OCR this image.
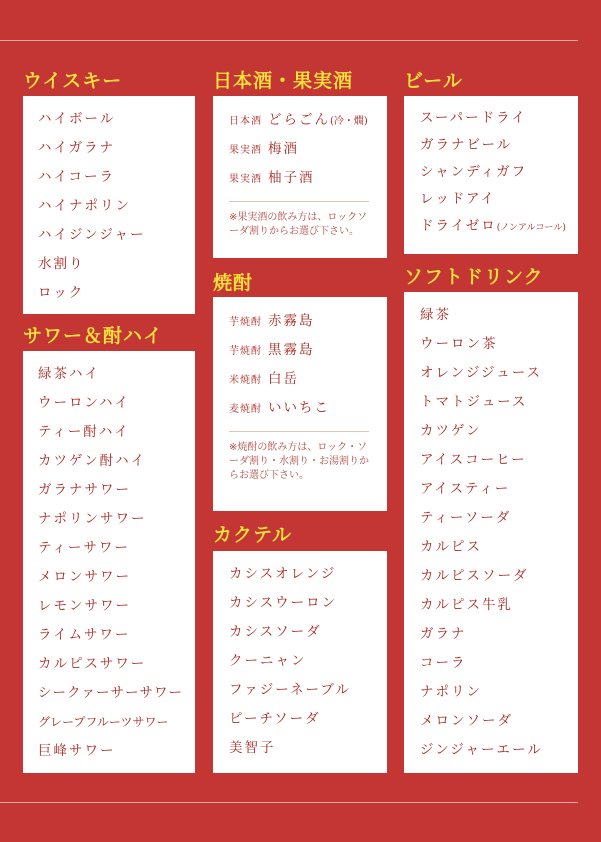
ウイスキー
ハイボール
ハイガラナ
ハイコーラ
ハイナポリン
ハイジンジャー
水割り
ロック
サワー＆酎ハイ
緑茶ハイ
ウーロンハイ
ティー酎ハイ
カツゲン酎ハイ
ガラナサワー
ナポリンサワー
ティーサワー
メロンサワー
レモンサワー
ライムサワー
カルピスサワー
シークァーサーサワー
グレープフルーツサワー
巨峰サワー
日本酒・果実酒
日本酒 どらごん(冷・燗)
果実酒 梅酒
果実酒 柚子酒
※果実酒の飲み方は、ロックソーダ割りからお選び下さい。
焼酎
芋焼酎 赤霧島
芋焼酎 黒霧島
米焼酎 白岳
麦焼酎 いいちこ
※焼酎の飲み方は、ロック・ソーダ割り・水割り・お湯割りからお選び下さい。
カクテル
カシスオレンジ
カシスウーロン
カシスソーダ
クーニャン
ファジーネーブル
ピーチソーダ
美智子
ビール
スーパードライ
ガラナビール
シャンディガフ
レッドアイ
ドライゼロ(ノンアルコール)
ソフトドリンク
緑茶
ウーロン茶
オレンジジュース
トマトジュース
カツゲン
アイスコーヒー
アイスティー
ティーソーダ
カルピス
カルピスソーダ
カルピス牛乳
ガラナ
コーラ
ナポリン
メロンソーダ
ジンジャーエール
